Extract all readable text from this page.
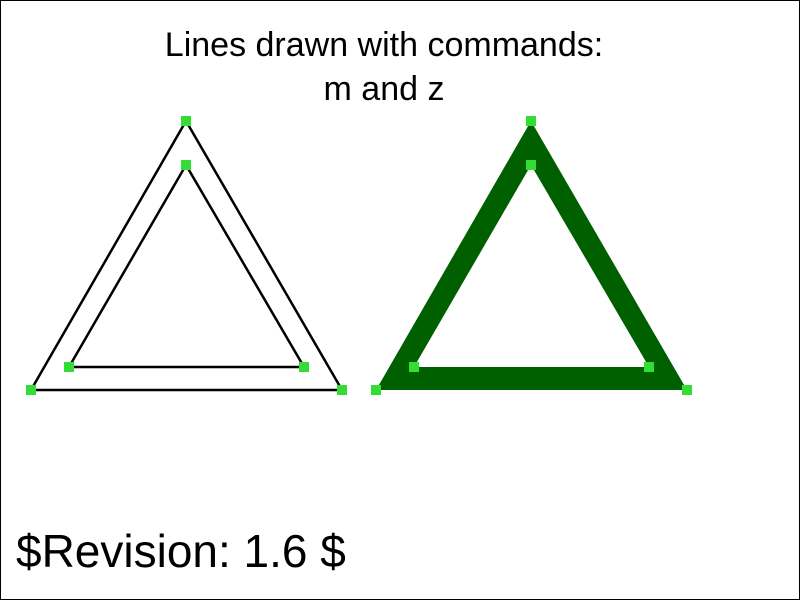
Lines drawn with commands:
m and z
$Revision: 1.6 $
